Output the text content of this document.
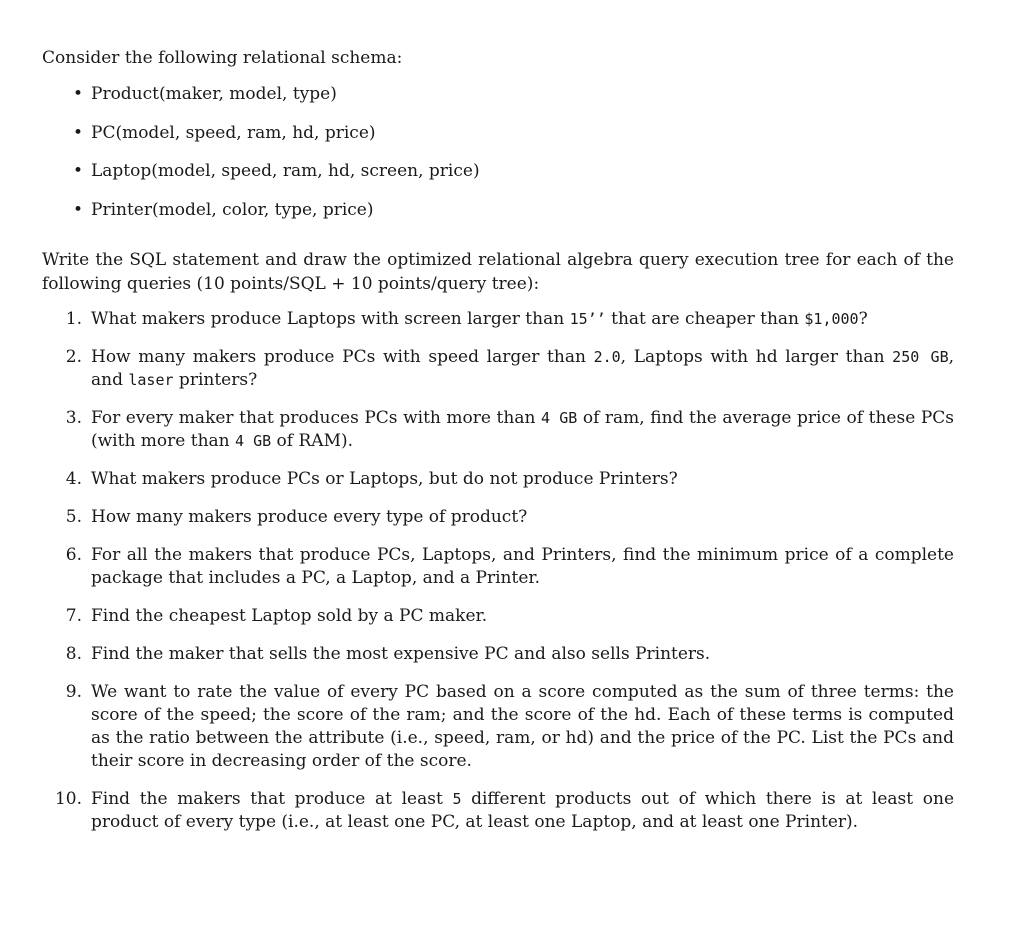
Consider the following relational schema:

• Product(maker, model, type)
• PC(model, speed, ram, hd, price)
• Laptop(model, speed, ram, hd, screen, price)
• Printer(model, color, type, price)

Write the SQL statement and draw the optimized relational algebra query execution tree for each of the following queries (10 points/SQL + 10 points/query tree):

1. What makers produce Laptops with screen larger than 15’’ that are cheaper than $1,000?
2. How many makers produce PCs with speed larger than 2.0, Laptops with hd larger than 250 GB, and laser printers?
3. For every maker that produces PCs with more than 4 GB of ram, find the average price of these PCs (with more than 4 GB of RAM).
4. What makers produce PCs or Laptops, but do not produce Printers?
5. How many makers produce every type of product?
6. For all the makers that produce PCs, Laptops, and Printers, find the minimum price of a complete package that includes a PC, a Laptop, and a Printer.
7. Find the cheapest Laptop sold by a PC maker.
8. Find the maker that sells the most expensive PC and also sells Printers.
9. We want to rate the value of every PC based on a score computed as the sum of three terms: the score of the speed; the score of the ram; and the score of the hd. Each of these terms is computed as the ratio between the attribute (i.e., speed, ram, or hd) and the price of the PC. List the PCs and their score in decreasing order of the score.
10. Find the makers that produce at least 5 different products out of which there is at least one product of every type (i.e., at least one PC, at least one Laptop, and at least one Printer).
